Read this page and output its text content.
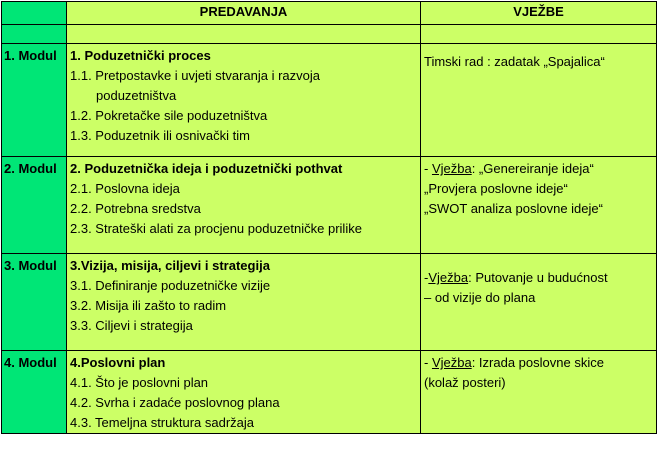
	PREDAVANJA	VJEŽBE

1. Modul	1. Poduzetnički proces
1.1. Pretpostavke i uvjeti stvaranja i razvoja
poduzetništva
1.2. Pokretačke sile poduzetništva
1.3. Poduzetnik ili osnivački tim	Timski rad : zadatak „Spajalica“

2. Modul	2. Poduzetnička ideja i poduzetnički pothvat
2.1. Poslovna ideja
2.2. Potrebna sredstva
2.3. Strateški alati za procjenu poduzetničke prilike	- Vježba: „Genereiranje ideja“
„Provjera poslovne ideje“
„SWOT analiza poslovne ideje“

3. Modul	3.Vizija, misija, ciljevi i strategija
3.1. Definiranje poduzetničke vizije
3.2. Misija ili zašto to radim
3.3. Ciljevi i strategija	-Vježba: Putovanje u budućnost
– od vizije do plana

4. Modul	4.Poslovni plan
4.1. Što je poslovni plan
4.2. Svrha i zadaće poslovnog plana
4.3. Temeljna struktura sadržaja	- Vježba: Izrada poslovne skice
(kolaž posteri)
